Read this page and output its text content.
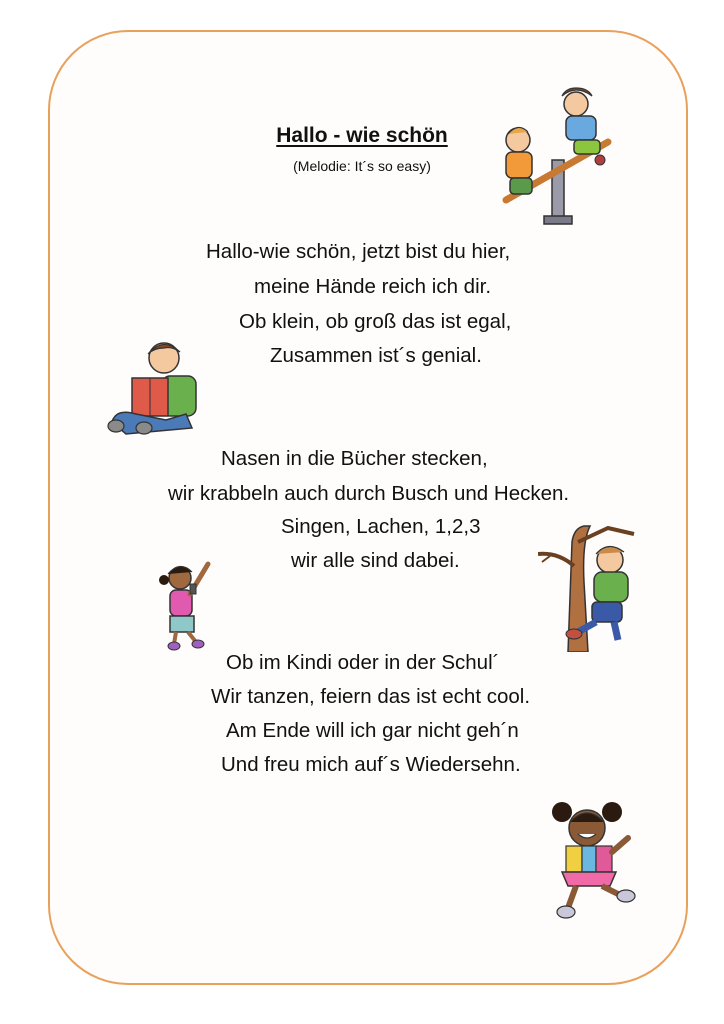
Hallo - wie schön
(Melodie: It´s so easy)
Hallo-wie schön, jetzt bist du hier,
meine Hände reich ich dir.
Ob klein, ob groß das ist egal,
Zusammen ist´s genial.
Nasen in die Bücher stecken,
wir krabbeln auch durch Busch und Hecken.
Singen, Lachen, 1,2,3
wir alle sind dabei.
Ob im Kindi oder in der Schul´
Wir tanzen, feiern das ist echt cool.
Am Ende will ich gar nicht geh´n
Und freu mich auf´s Wiedersehn.
